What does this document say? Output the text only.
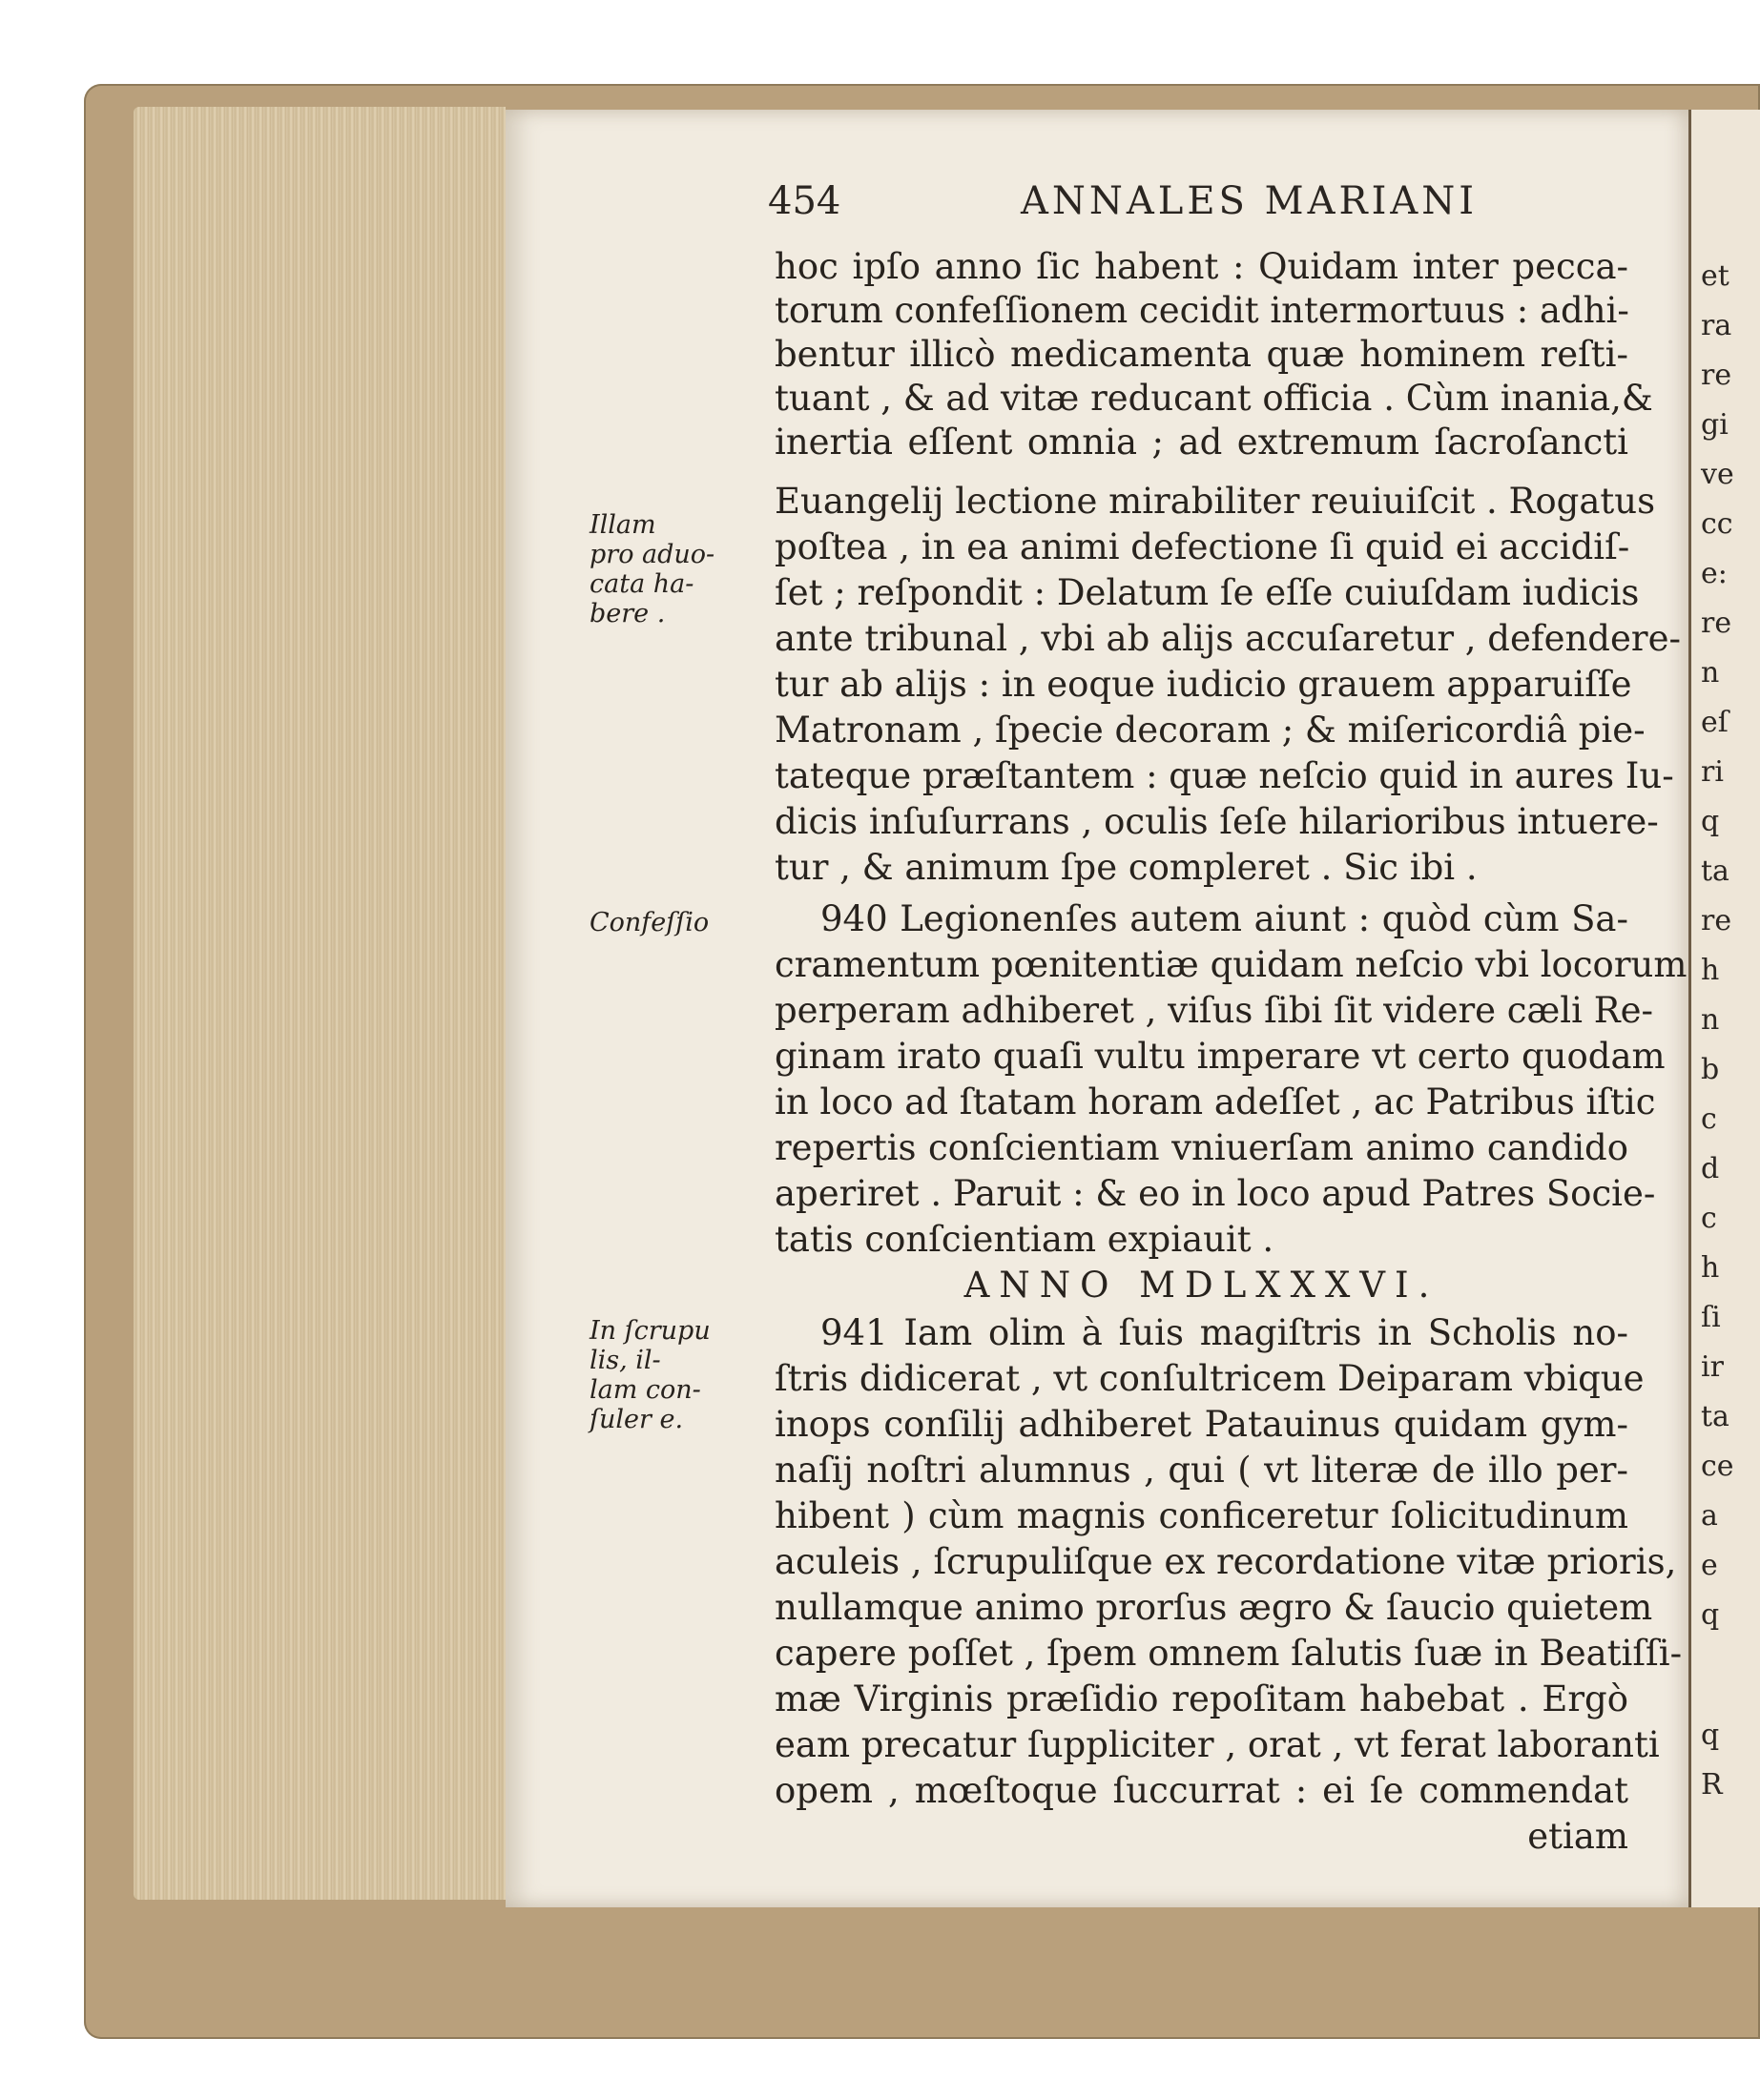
et
ra
re
gi
ve
cc
e:
re
n
eſ
ri
q
ta
re
h
n
b
c
d
c
h
ſi
ir
ta
ce
a
e
q
q
R
454	ANNALES MARIANI
hoc ipſo anno ſic habent : Quidam inter pecca-
torum confeſſionem cecidit intermortuus : adhi-
bentur illicò medicamenta quæ hominem reſti-
tuant , & ad vitæ reducant officia . Cùm inania,&
inertia eſſent omnia ; ad extremum ſacroſancti
Euangelij lectione mirabiliter reuiuiſcit . Rogatus
poſtea , in ea animi defectione ſi quid ei accidiſ-
ſet ; reſpondit : Delatum ſe eſſe cuiuſdam iudicis
ante tribunal , vbi ab alijs accuſaretur , defendere-
tur ab alijs : in eoque iudicio grauem apparuiſſe
Matronam , ſpecie decoram ; & miſericordiâ pie-
tateque præſtantem : quæ neſcio quid in aures Iu-
dicis inſuſurrans , oculis ſeſe hilarioribus intuere-
tur , & animum ſpe compleret . Sic ibi .
940 Legionenſes autem aiunt : quòd cùm Sa-
cramentum pœnitentiæ quidam neſcio vbi locorum
perperam adhiberet , viſus ſibi ſit videre cæli Re-
ginam irato quaſi vultu imperare vt certo quodam
in loco ad ſtatam horam adeſſet , ac Patribus iſtic
repertis conſcientiam vniuerſam animo candido
aperiret . Paruit : & eo in loco apud Patres Socie-
tatis conſcientiam expiauit .
ANNO MDLXXXVI.
941 Iam olim à ſuis magiſtris in Scholis no-
ſtris didicerat , vt conſultricem Deiparam vbique
inops conſilij adhiberet Patauinus quidam gym-
naſij noſtri alumnus , qui ( vt literæ de illo per-
hibent ) cùm magnis conficeretur ſolicitudinum
aculeis , ſcrupuliſque ex recordatione vitæ prioris,
nullamque animo prorſus ægro & ſaucio quietem
capere poſſet , ſpem omnem ſalutis ſuæ in Beatiſſi-
mæ Virginis præſidio repoſitam habebat . Ergò
eam precatur ſuppliciter , orat , vt ferat laboranti
opem , mœſtoque ſuccurrat : ei ſe commendat
etiam
Illam
pro aduo-
cata ha-
bere .
Confeſſio
In ſcrupu
lis, il-
lam con-
ſuler e.
